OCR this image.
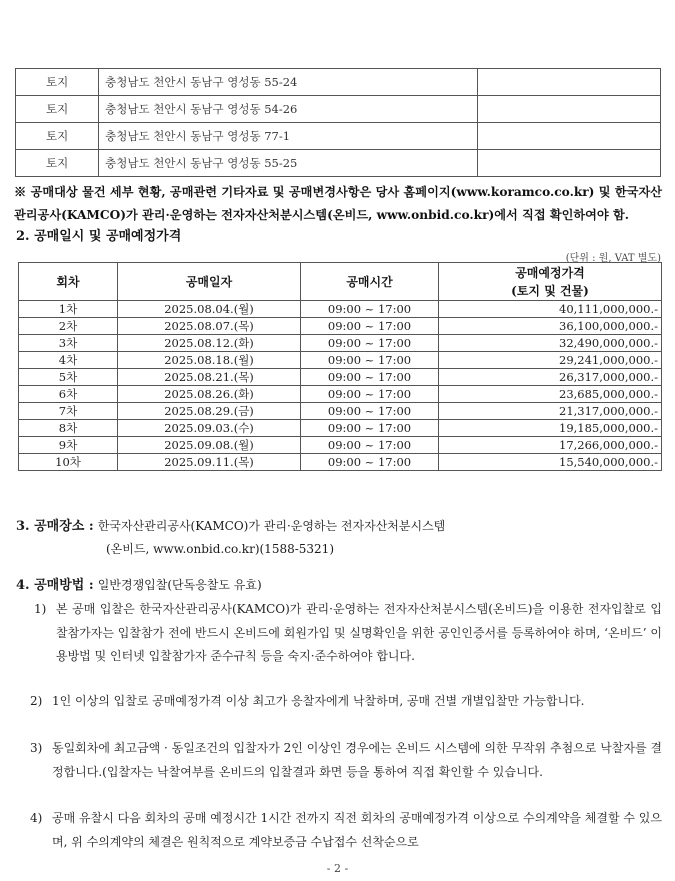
토지	충청남도 천안시 동남구 영성동 55-24	
토지	충청남도 천안시 동남구 영성동 54-26	
토지	충청남도 천안시 동남구 영성동 77-1	
토지	충청남도 천안시 동남구 영성동 55-25	
※ 공매대상 물건 세부 현황, 공매관련 기타자료 및 공매변경사항은 당사 홈페이지(www.koramco.co.kr) 및 한국자산관리공사(KAMCO)가 관리·운영하는 전자자산처분시스템(온비드, www.onbid.co.kr)에서 직접 확인하여야 함.
2. 공매일시 및 공매예정가격
(단위 : 원, VAT 별도)
회차	공매일자	공매시간	공매예정가격
(토지 및 건물)

1차	2025.08.04.(월)	09:00 ~ 17:00	40,111,000,000.-
2차	2025.08.07.(목)	09:00 ~ 17:00	36,100,000,000.-
3차	2025.08.12.(화)	09:00 ~ 17:00	32,490,000,000.-
4차	2025.08.18.(월)	09:00 ~ 17:00	29,241,000,000.-
5차	2025.08.21.(목)	09:00 ~ 17:00	26,317,000,000.-
6차	2025.08.26.(화)	09:00 ~ 17:00	23,685,000,000.-
7차	2025.08.29.(금)	09:00 ~ 17:00	21,317,000,000.-
8차	2025.09.03.(수)	09:00 ~ 17:00	19,185,000,000.-
9차	2025.09.08.(월)	09:00 ~ 17:00	17,266,000,000.-
10차	2025.09.11.(목)	09:00 ~ 17:00	15,540,000,000.-
3. 공매장소 : 한국자산관리공사(KAMCO)가 관리·운영하는 전자자산처분시스템
(온비드, www.onbid.co.kr)(1588-5321)
4. 공매방법 : 일반경쟁입찰(단독응찰도 유효)
1) 본 공매 입찰은 한국자산관리공사(KAMCO)가 관리·운영하는 전자자산처분시스템(온비드)을 이용한 전자입찰로 입찰참가자는 입찰참가 전에 반드시 온비드에 회원가입 및 실명확인을 위한 공인인증서를 등록하여야 하며, ‘온비드’ 이용방법 및 인터넷 입찰참가자 준수규칙 등을 숙지·준수하여야 합니다.
2) 1인 이상의 입찰로 공매예정가격 이상 최고가 응찰자에게 낙찰하며, 공매 건별 개별입찰만 가능합니다.
3) 동일회차에 최고금액 · 동일조건의 입찰자가 2인 이상인 경우에는 온비드 시스템에 의한 무작위 추첨으로 낙찰자를 결정합니다.(입찰자는 낙찰여부를 온비드의 입찰결과 화면 등을 통하여 직접 확인할 수 있습니다.
4) 공매 유찰시 다음 회차의 공매 예정시간 1시간 전까지 직전 회차의 공매예정가격 이상으로 수의계약을 체결할 수 있으며, 위 수의계약의 체결은 원칙적으로 계약보증금 수납접수 선착순으로
- 2 -
